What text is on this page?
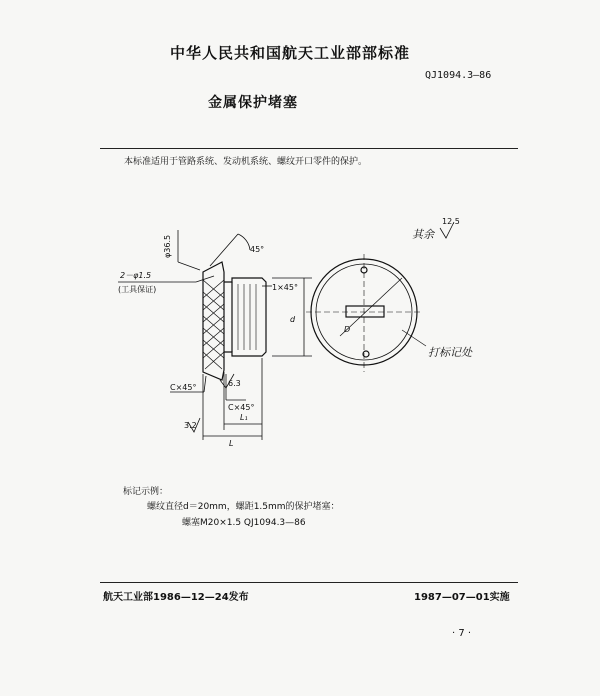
中华人民共和国航天工业部部标准
QJ1094.3—86
金属保护堵塞
本标准适用于管路系统、发动机系统、螺纹开口零件的保护。
φ36.5	45°
2－φ1.5
(工具保证)	1×45°
d
C×45°
C×45°
6.3
3.2
L₁
L
D
打标记处
其余
12.5
标记示例：
螺纹直径d＝20mm，螺距1.5mm的保护堵塞：
螺塞M20×1.5 QJ1094.3—86
航天工业部1986—12—24发布	1987—07—01实施
· 7 ·
